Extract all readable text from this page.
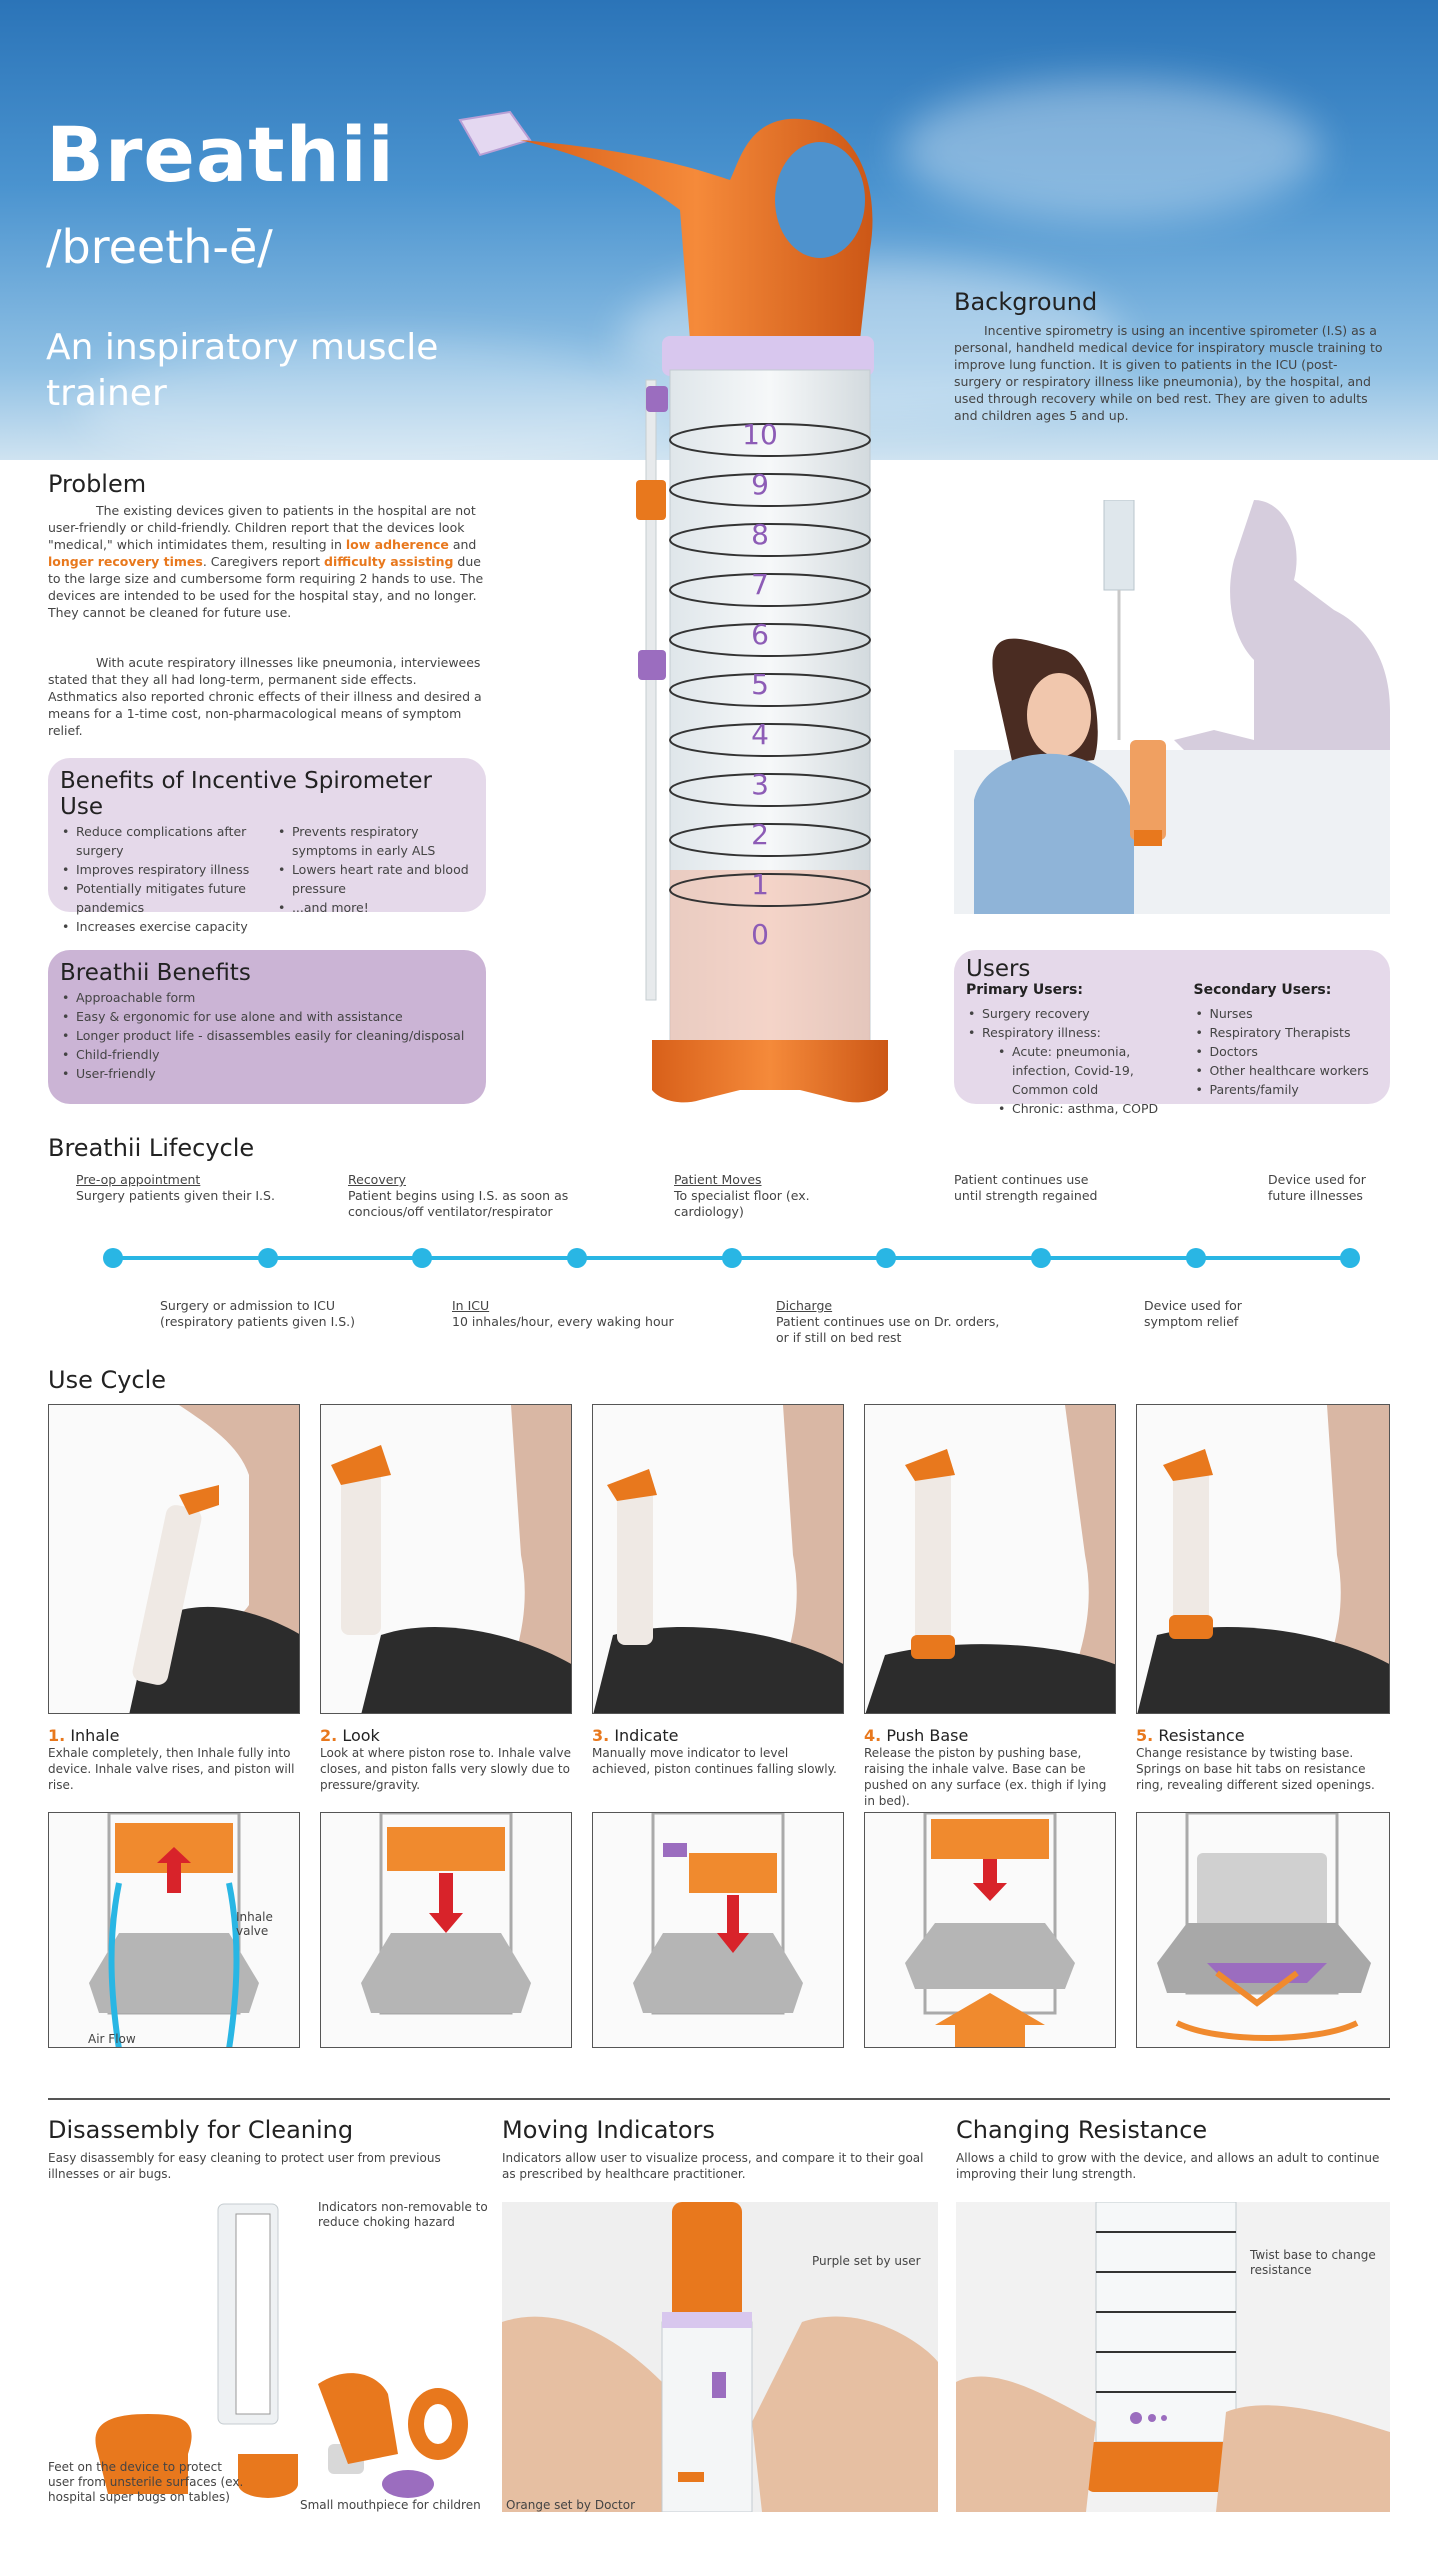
Breathii
/breeth-ē/
An inspiratory muscle
trainer
Background
Incentive spirometry is using an incentive spirometer (I.S) as a personal, handheld medical device for inspiratory muscle training to improve lung function. It is given to patients in the ICU (post-surgery or respiratory illness like pneumonia), by the hospital, and used through recovery while on bed rest. They are given to adults and children ages 5 and up.
10
9
8
7
6
5
4
3
2
1
0
Problem
The existing devices given to patients in the hospital are not user-friendly or child-friendly. Children report that the devices look "medical," which intimidates them, resulting in low adherence and longer recovery times. Caregivers report difficulty assisting due to the large size and cumbersome form requiring 2 hands to use. The devices are intended to be used for the hospital stay, and no longer. They cannot be cleaned for future use.
With acute respiratory illnesses like pneumonia, interviewees stated that they all had long-term, permanent side effects. Asthmatics also reported chronic effects of their illness and desired a means for a 1-time cost, non-pharmacological means of symptom relief.
Benefits of Incentive Spirometer Use
• Reduce complications after surgery
• Improves respiratory illness
• Potentially mitigates future pandemics
• Increases exercise capacity
• Prevents respiratory symptoms in early ALS
• Lowers heart rate and blood pressure
• ...and more!
Breathii Benefits
• Approachable form
• Easy & ergonomic for use alone and with assistance
• Longer product life - disassembles easily for cleaning/disposal
• Child-friendly
• User-friendly
Users
Primary Users:
• Surgery recovery
• Respiratory illness:
• Acute: pneumonia, infection, Covid-19, Common cold
• Chronic: asthma, COPD
Secondary Users:
• Nurses
• Respiratory Therapists
• Doctors
• Other healthcare workers
• Parents/family
Breathii Lifecycle
Pre-op appointment
Surgery patients given their I.S.
Recovery
Patient begins using I.S. as soon as concious/off ventilator/respirator
Patient Moves
To specialist floor (ex. cardiology)
Patient continues use until strength regained
Device used for future illnesses
Surgery or admission to ICU (respiratory patients given I.S.)
In ICU
10 inhales/hour, every waking hour
Dicharge
Patient continues use on Dr. orders, or if still on bed rest
Device used for symptom relief
Use Cycle
1. Inhale
Exhale completely, then Inhale fully into device. Inhale valve rises, and piston will rise.
2. Look
Look at where piston rose to. Inhale valve closes, and piston falls very slowly due to pressure/gravity.
3. Indicate
Manually move indicator to level achieved, piston continues falling slowly.
4. Push Base
Release the piston by pushing base, raising the inhale valve. Base can be pushed on any surface (ex. thigh if lying in bed).
5. Resistance
Change resistance by twisting base. Springs on base hit tabs on resistance ring, revealing different sized openings.
Inhale valve
Air Flow
Disassembly for Cleaning
Easy disassembly for easy cleaning to protect user from previous illnesses or air bugs.
Indicators non-removable to reduce choking hazard
Feet on the device to protect user from unsterile surfaces (ex. hospital super bugs on tables)
Small mouthpiece for children
Moving Indicators
Indicators allow user to visualize process, and compare it to their goal as prescribed by healthcare practitioner.
Purple set by user
Orange set by Doctor
Changing Resistance
Allows a child to grow with the device, and allows an adult to continue improving their lung strength.
Twist base to change resistance
